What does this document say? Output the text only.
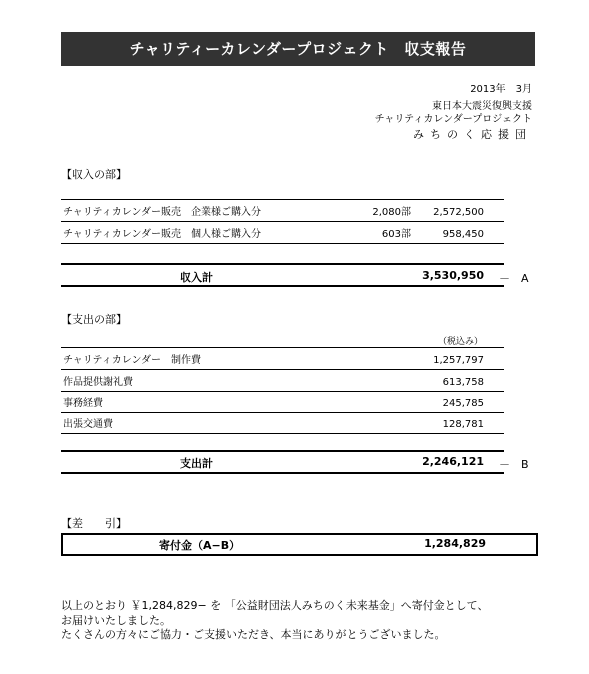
チャリティーカレンダープロジェクト　収支報告
2013年　3月
東日本大震災復興支援
チャリティカレンダープロジェクト
みちのく応援団
【収入の部】
チャリティカレンダー販売　企業様ご購入分	2,080部 2,572,500
チャリティカレンダー販売　個人様ご購入分	603部	958,450
収入計	3,530,950 －　A
【支出の部】
（税込み）
チャリティカレンダー　制作費	1,257,797
作品提供謝礼費	613,758
事務経費	245,785
出張交通費	128,781
支出計	2,246,121 －　B
【差　　引】
寄付金（A−B）	1,284,829
以上のとおり ￥1,284,829− を 「公益財団法人みちのく未来基金」へ寄付金として、
お届けいたしました。
たくさんの方々にご協力・ご支援いただき、本当にありがとうございました。
